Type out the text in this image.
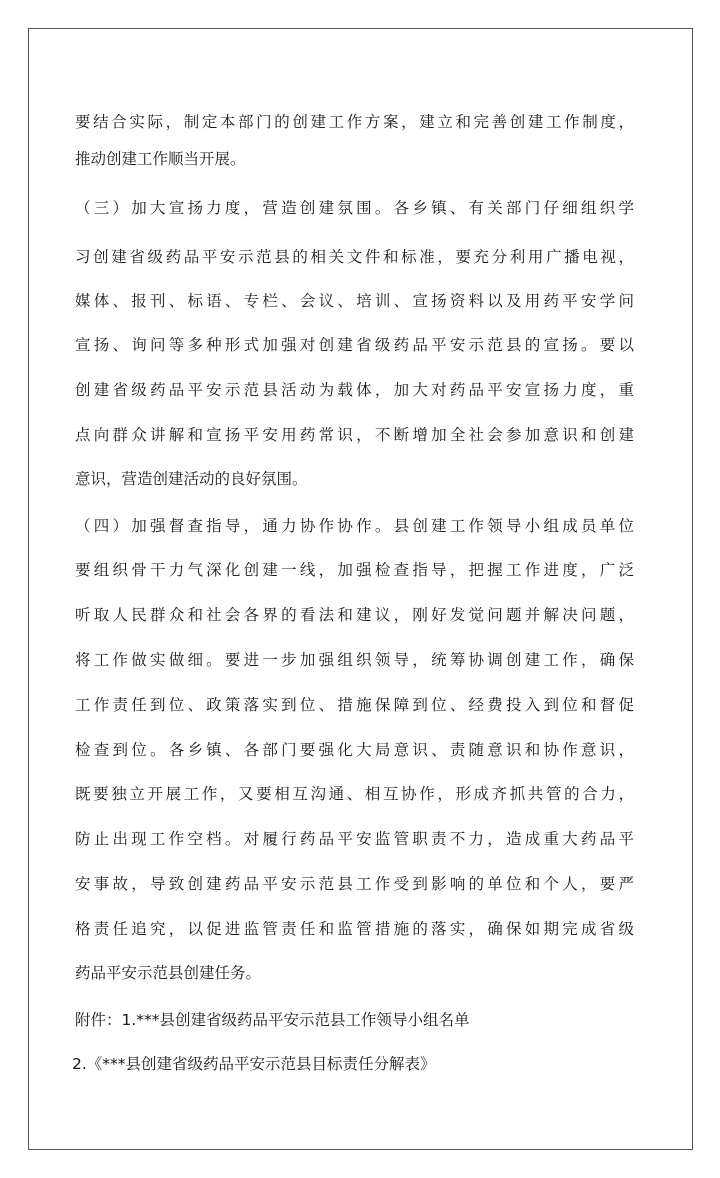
要结合实际，制定本部门的创建工作方案，建立和完善创建工作制度，
推动创建工作顺当开展。
（三）加大宣扬力度，营造创建氛围。各乡镇、有关部门仔细组织学
习创建省级药品平安示范县的相关文件和标准，要充分利用广播电视，
媒体、报刊、标语、专栏、会议、培训、宣扬资料以及用药平安学问
宣扬、询问等多种形式加强对创建省级药品平安示范县的宣扬。要以
创建省级药品平安示范县活动为载体，加大对药品平安宣扬力度，重
点向群众讲解和宣扬平安用药常识，不断增加全社会参加意识和创建
意识，营造创建活动的良好氛围。
（四）加强督查指导，通力协作协作。县创建工作领导小组成员单位
要组织骨干力气深化创建一线，加强检查指导，把握工作进度，广泛
听取人民群众和社会各界的看法和建议，刚好发觉问题并解决问题，
将工作做实做细。要进一步加强组织领导，统筹协调创建工作，确保
工作责任到位、政策落实到位、措施保障到位、经费投入到位和督促
检查到位。各乡镇、各部门要强化大局意识、责随意识和协作意识，
既要独立开展工作，又要相互沟通、相互协作，形成齐抓共管的合力，
防止出现工作空档。对履行药品平安监管职责不力，造成重大药品平
安事故，导致创建药品平安示范县工作受到影响的单位和个人，要严
格责任追究，以促进监管责任和监管措施的落实，确保如期完成省级
药品平安示范县创建任务。
附件：1.***县创建省级药品平安示范县工作领导小组名单
2.《***县创建省级药品平安示范县目标责任分解表》
